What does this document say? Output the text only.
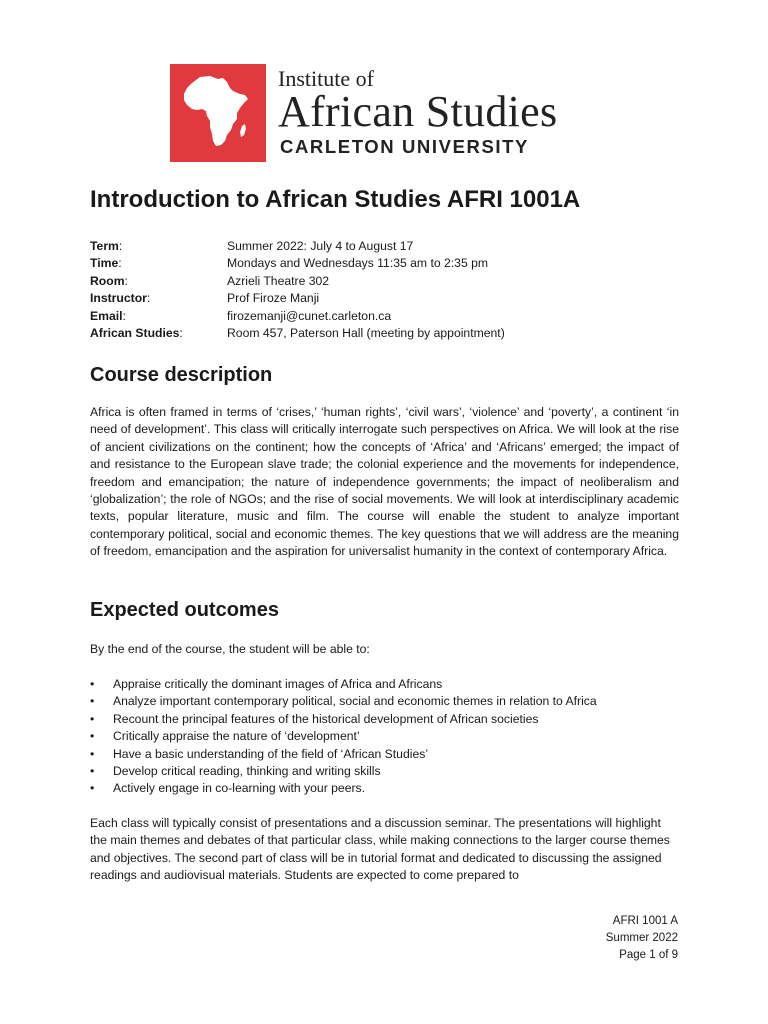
Institute of
African Studies
CARLETON UNIVERSITY
Introduction to African Studies AFRI 1001A
Term:	Summer 2022: July 4 to August 17
Time:	Mondays and Wednesdays 11:35 am to 2:35 pm
Room:	Azrieli Theatre 302
Instructor:	Prof Firoze Manji
Email:	firozemanji@cunet.carleton.ca
African Studies:	Room 457, Paterson Hall (meeting by appointment)
Course description

Africa is often framed in terms of ‘crises,’ ‘human rights’, ‘civil wars’, ‘violence’ and ‘poverty’, a continent ‘in need of development’. This class will critically interrogate such perspectives on Africa. We will look at the rise of ancient civilizations on the continent; how the concepts of ‘Africa’ and ‘Africans’ emerged; the impact of and resistance to the European slave trade; the colonial experience and the movements for independence, freedom and emancipation; the nature of independence governments; the impact of neoliberalism and ‘globalization’; the role of NGOs; and the rise of social movements. We will look at interdisciplinary academic texts, popular literature, music and film. The course will enable the student to analyze important contemporary political, social and economic themes. The key questions that we will address are the meaning of freedom, emancipation and the aspiration for universalist humanity in the context of contemporary Africa.

Expected outcomes

By the end of the course, the student will be able to:

•	Appraise critically the dominant images of Africa and Africans
•	Analyze important contemporary political, social and economic themes in relation to Africa
•	Recount the principal features of the historical development of African societies
•	Critically appraise the nature of ‘development’
•	Have a basic understanding of the field of ‘African Studies’
•	Develop critical reading, thinking and writing skills
•	Actively engage in co-learning with your peers.

Each class will typically consist of presentations and a discussion seminar. The presentations will highlight the main themes and debates of that particular class, while making connections to the larger course themes and objectives. The second part of class will be in tutorial format and dedicated to discussing the assigned readings and audiovisual materials. Students are expected to come prepared to

AFRI 1001 A
Summer 2022
Page 1 of 9
